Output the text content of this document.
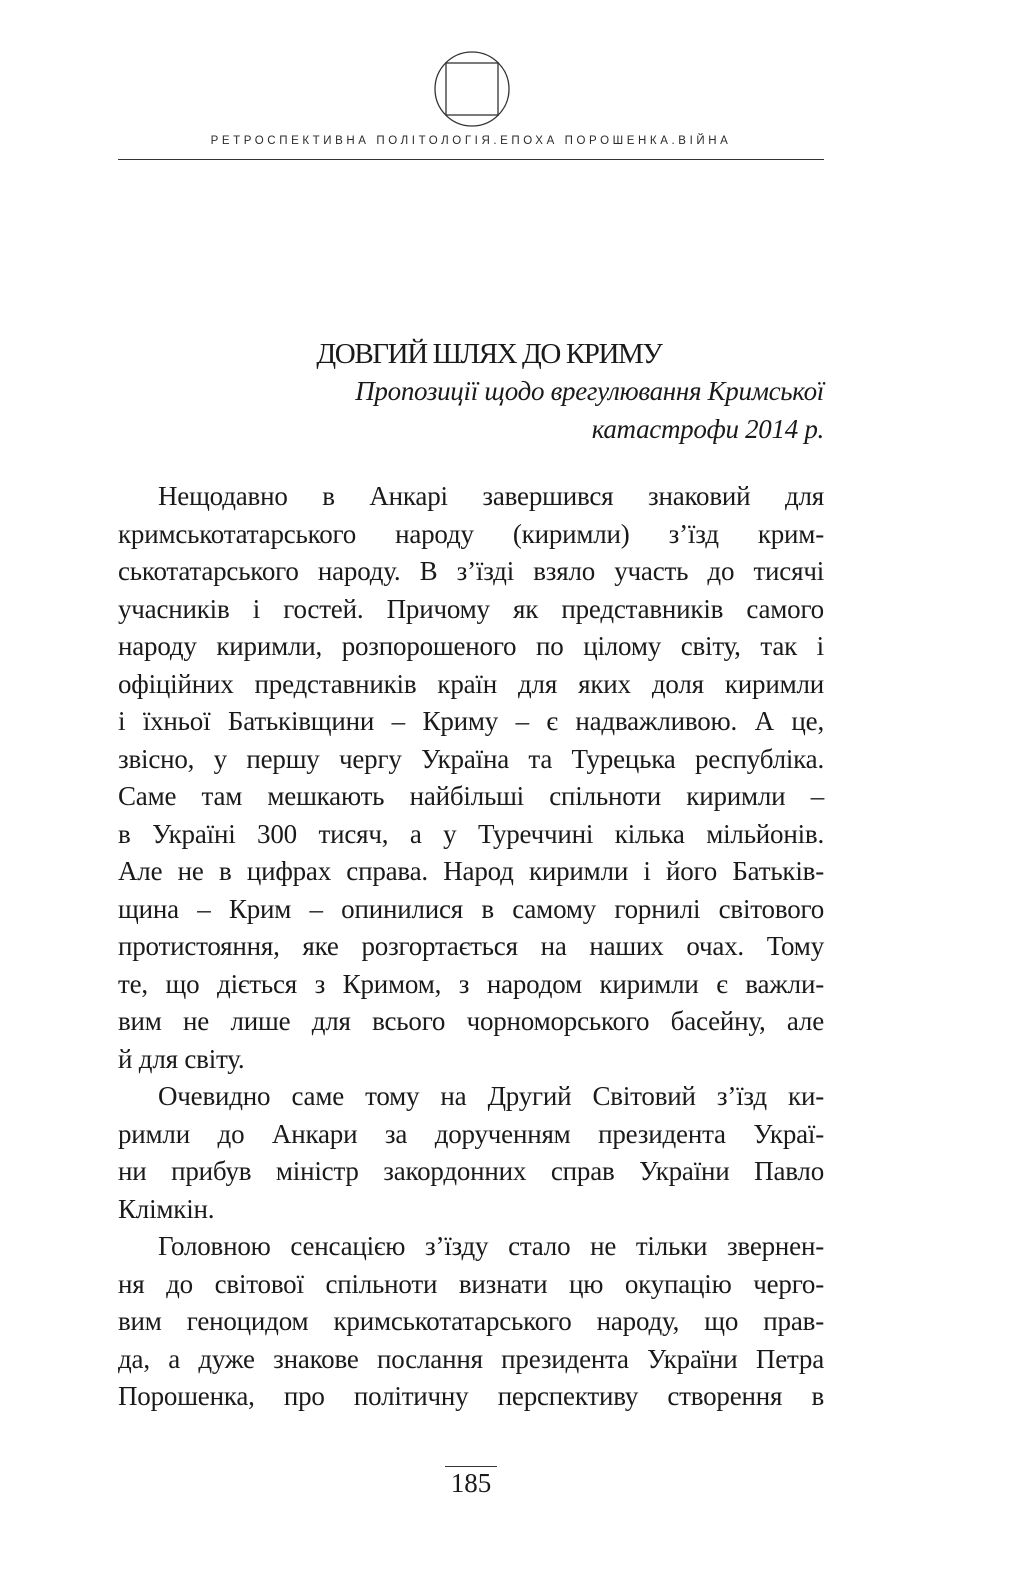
РЕТРОСПЕКТИВНА ПОЛІТОЛОГІЯ.ЕПОХА ПОРОШЕНКА.ВІЙНА
ДОВГИЙ ШЛЯХ ДО КРИМУ
Пропозиції щодо врегулювання Кримської
катастрофи 2014 р.
Нещодавно в Анкарі завершився знаковий для
кримськотатарського народу (киримли) з’їзд крим-
ськотатарського народу. В з’їзді взяло участь до тисячі
учасників і гостей. Причому як представників самого
народу киримли, розпорошеного по цілому світу, так і
офіційних представників країн для яких доля киримли
і їхньої Батьківщини – Криму – є надважливою. А це,
звісно, у першу чергу Україна та Турецька республіка.
Саме там мешкають найбільші спільноти киримли –
в Україні 300 тисяч, а у Туреччині кілька мільйонів.
Але не в цифрах справа. Народ киримли і його Батьків-
щина – Крим – опинилися в самому горнилі світового
протистояння, яке розгортається на наших очах. Тому
те, що діється з Кримом, з народом киримли є важли-
вим не лише для всього чорноморського басейну, але
й для світу.
Очевидно саме тому на Другий Світовий з’їзд ки-
римли до Анкари за дорученням президента Украї-
ни прибув міністр закордонних справ України Павло
Клімкін.
Головною сенсацією з’їзду стало не тільки звернен-
ня до світової спільноти визнати цю окупацію черго-
вим геноцидом кримськотатарського народу, що прав-
да, а дуже знакове послання президента України Петра
Порошенка, про політичну перспективу створення в
185
